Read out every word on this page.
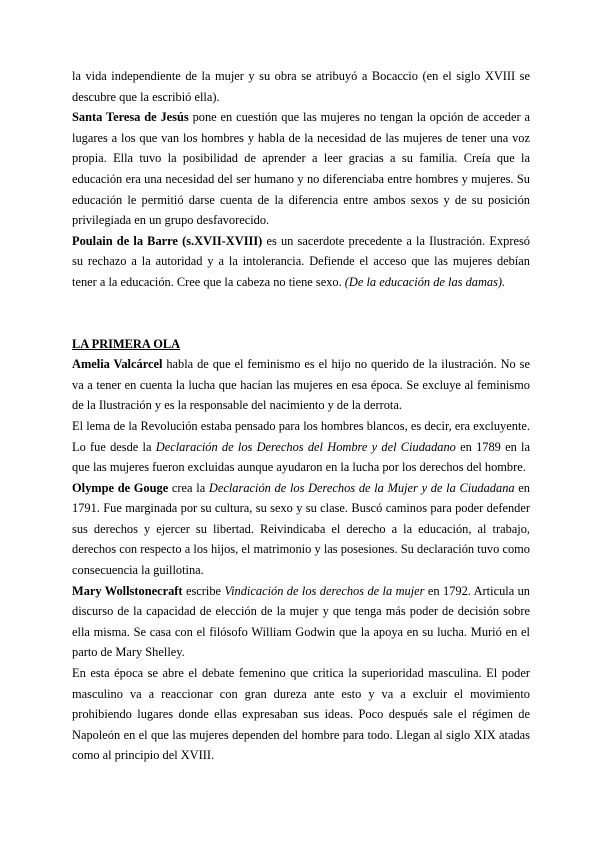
la vida independiente de la mujer y su obra se atribuyó a Bocaccio (en el siglo XVIII se descubre que la escribió ella).

Santa Teresa de Jesús pone en cuestión que las mujeres no tengan la opción de acceder a lugares a los que van los hombres y habla de la necesidad de las mujeres de tener una voz propia. Ella tuvo la posibilidad de aprender a leer gracias a su familia. Creía que la educación era una necesidad del ser humano y no diferenciaba entre hombres y mujeres. Su educación le permitió darse cuenta de la diferencia entre ambos sexos y de su posición privilegiada en un grupo desfavorecido.

Poulain de la Barre (s.XVII-XVIII) es un sacerdote precedente a la Ilustración. Expresó su rechazo a la autoridad y a la intolerancia. Defiende el acceso que las mujeres debían tener a la educación. Cree que la cabeza no tiene sexo. (De la educación de las damas).

LA PRIMERA OLA

Amelia Valcárcel habla de que el feminismo es el hijo no querido de la ilustración. No se va a tener en cuenta la lucha que hacían las mujeres en esa época. Se excluye al feminismo de la Ilustración y es la responsable del nacimiento y de la derrota.

El lema de la Revolución estaba pensado para los hombres blancos, es decir, era excluyente. Lo fue desde la Declaración de los Derechos del Hombre y del Ciudadano en 1789 en la que las mujeres fueron excluidas aunque ayudaron en la lucha por los derechos del hombre.

Olympe de Gouge crea la Declaración de los Derechos de la Mujer y de la Ciudadana en 1791. Fue marginada por su cultura, su sexo y su clase. Buscó caminos para poder defender sus derechos y ejercer su libertad. Reivindicaba el derecho a la educación, al trabajo, derechos con respecto a los hijos, el matrimonio y las posesiones. Su declaración tuvo como consecuencia la guillotina.

Mary Wollstonecraft escribe Vindicación de los derechos de la mujer en 1792. Articula un discurso de la capacidad de elección de la mujer y que tenga más poder de decisión sobre ella misma. Se casa con el filósofo William Godwin que la apoya en su lucha. Murió en el parto de Mary Shelley.

En esta época se abre el debate femenino que critica la superioridad masculina. El poder masculino va a reaccionar con gran dureza ante esto y va a excluir el movimiento prohibiendo lugares donde ellas expresaban sus ideas. Poco después sale el régimen de Napoleón en el que las mujeres dependen del hombre para todo. Llegan al siglo XIX atadas como al principio del XVIII.
